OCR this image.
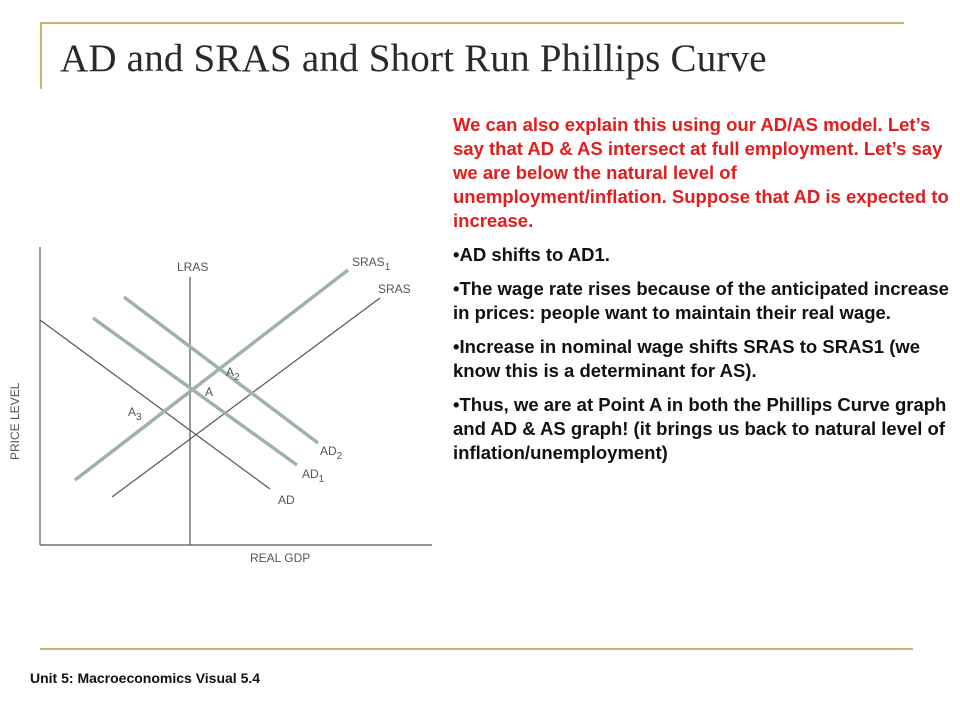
AD and SRAS and Short Run Phillips Curve
PRICE LEVEL
REAL GDP
LRAS	$SRAS_1$
SRAS
$AD_2$
$AD_1$
AD
A
$A_2$
$A_3$

We can also explain this using our AD/AS model. Let’s say that AD & AS intersect at full employment. Let’s say we are below the natural level of unemployment/inflation. Suppose that AD is expected to increase.

•AD shifts to AD1.

•The wage rate rises because of the anticipated increase in prices: people want to maintain their real wage.

•Increase in nominal wage shifts SRAS to SRAS1 (we know this is a determinant for AS).

•Thus, we are at Point A in both the Phillips Curve graph and AD & AS graph! (it brings us back to natural level of inflation/unemployment)

Unit 5: Macroeconomics Visual 5.4
